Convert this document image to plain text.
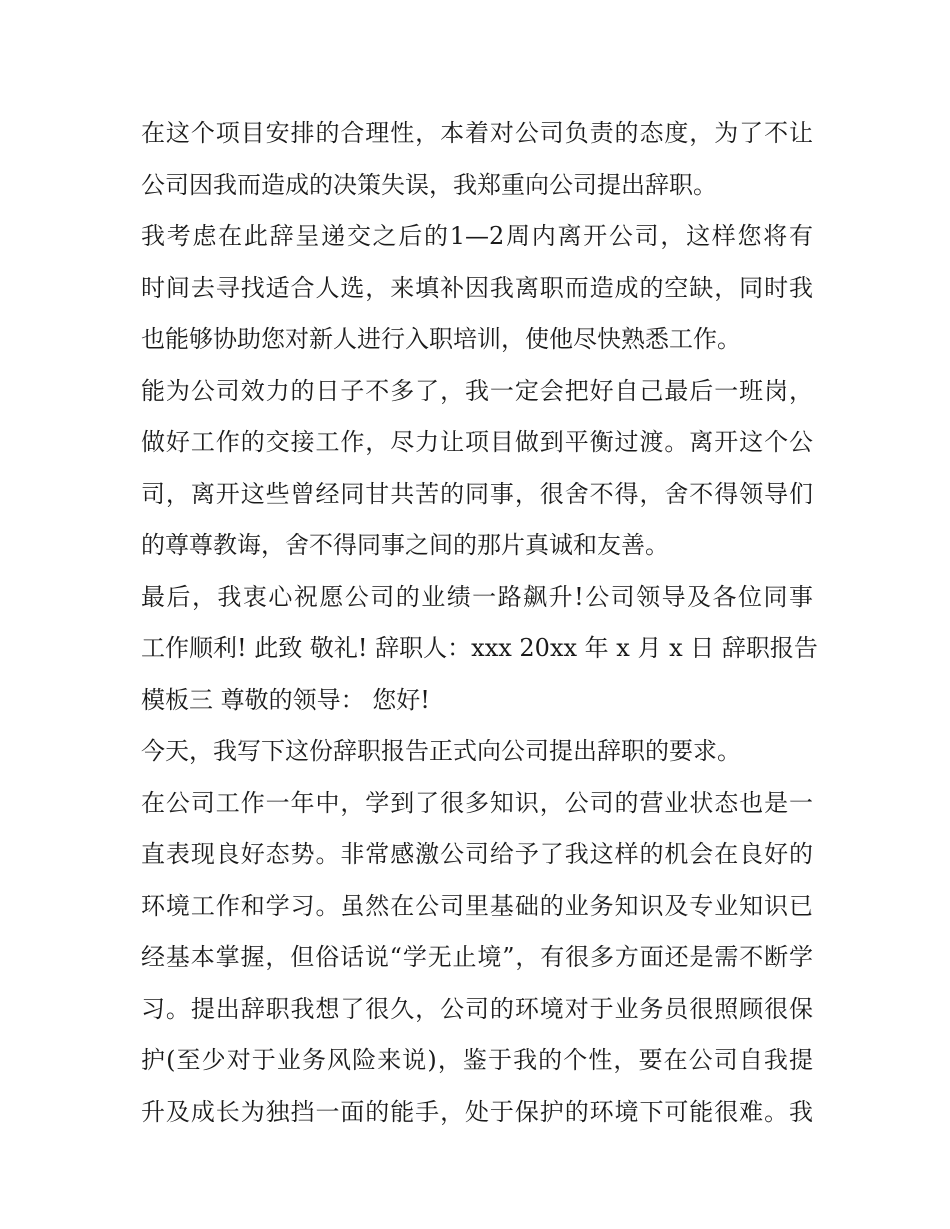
在这个项目安排的合理性，本着对公司负责的态度，为了不让
公司因我而造成的决策失误，我郑重向公司提出辞职。
我考虑在此辞呈递交之后的1—2周内离开公司，这样您将有
时间去寻找适合人选，来填补因我离职而造成的空缺，同时我
也能够协助您对新人进行入职培训，使他尽快熟悉工作。
能为公司效力的日子不多了，我一定会把好自己最后一班岗，
做好工作的交接工作，尽力让项目做到平衡过渡。离开这个公
司，离开这些曾经同甘共苦的同事，很舍不得，舍不得领导们
的尊尊教诲，舍不得同事之间的那片真诚和友善。
最后，我衷心祝愿公司的业绩一路飙升!公司领导及各位同事
工作顺利! 此致 敬礼! 辞职人：xxx 20xx 年 x 月 x 日 辞职报告
模板三 尊敬的领导： 您好!
今天，我写下这份辞职报告正式向公司提出辞职的要求。
在公司工作一年中，学到了很多知识，公司的营业状态也是一
直表现良好态势。非常感激公司给予了我这样的机会在良好的
环境工作和学习。虽然在公司里基础的业务知识及专业知识已
经基本掌握，但俗话说“学无止境”，有很多方面还是需不断学
习。提出辞职我想了很久，公司的环境对于业务员很照顾很保
护(至少对于业务风险来说)，鉴于我的个性，要在公司自我提
升及成长为独挡一面的能手，处于保护的环境下可能很难。我
